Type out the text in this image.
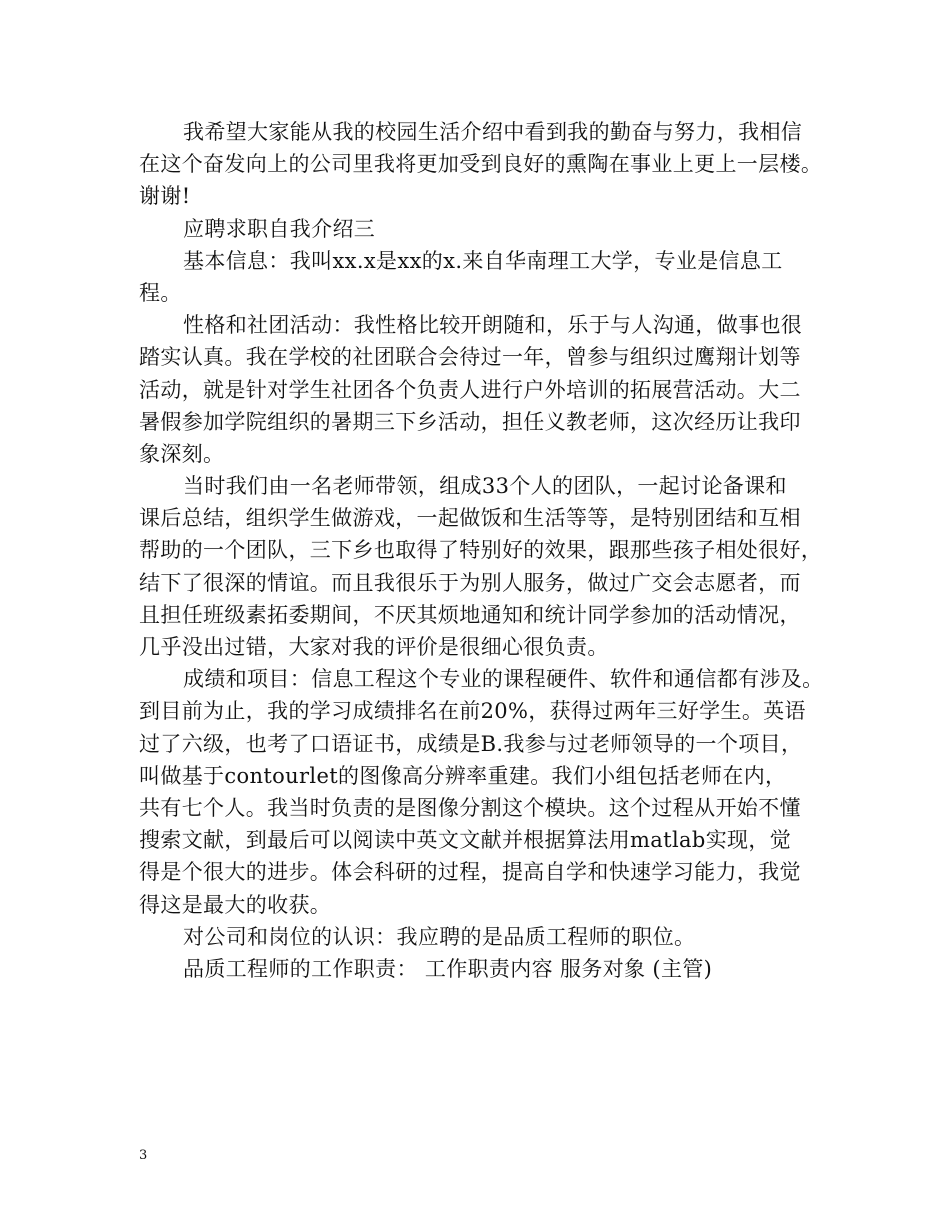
我希望大家能从我的校园生活介绍中看到我的勤奋与努力，我相信
在这个奋发向上的公司里我将更加受到良好的熏陶在事业上更上一层楼。
谢谢!
应聘求职自我介绍三
基本信息：我叫xx.x是xx的x.来自华南理工大学，专业是信息工
程。
性格和社团活动：我性格比较开朗随和，乐于与人沟通，做事也很
踏实认真。我在学校的社团联合会待过一年，曾参与组织过鹰翔计划等
活动，就是针对学生社团各个负责人进行户外培训的拓展营活动。大二
暑假参加学院组织的暑期三下乡活动，担任义教老师，这次经历让我印
象深刻。
当时我们由一名老师带领，组成33个人的团队，一起讨论备课和
课后总结，组织学生做游戏，一起做饭和生活等等，是特别团结和互相
帮助的一个团队，三下乡也取得了特别好的效果，跟那些孩子相处很好，
结下了很深的情谊。而且我很乐于为别人服务，做过广交会志愿者，而
且担任班级素拓委期间，不厌其烦地通知和统计同学参加的活动情况，
几乎没出过错，大家对我的评价是很细心很负责。
成绩和项目：信息工程这个专业的课程硬件、软件和通信都有涉及。
到目前为止，我的学习成绩排名在前20%，获得过两年三好学生。英语
过了六级，也考了口语证书，成绩是B.我参与过老师领导的一个项目，
叫做基于contourlet的图像高分辨率重建。我们小组包括老师在内，
共有七个人。我当时负责的是图像分割这个模块。这个过程从开始不懂
搜索文献，到最后可以阅读中英文文献并根据算法用matlab实现，觉
得是个很大的进步。体会科研的过程，提高自学和快速学习能力，我觉
得这是最大的收获。
对公司和岗位的认识：我应聘的是品质工程师的职位。
品质工程师的工作职责： 工作职责内容 服务对象 (主管)
3
